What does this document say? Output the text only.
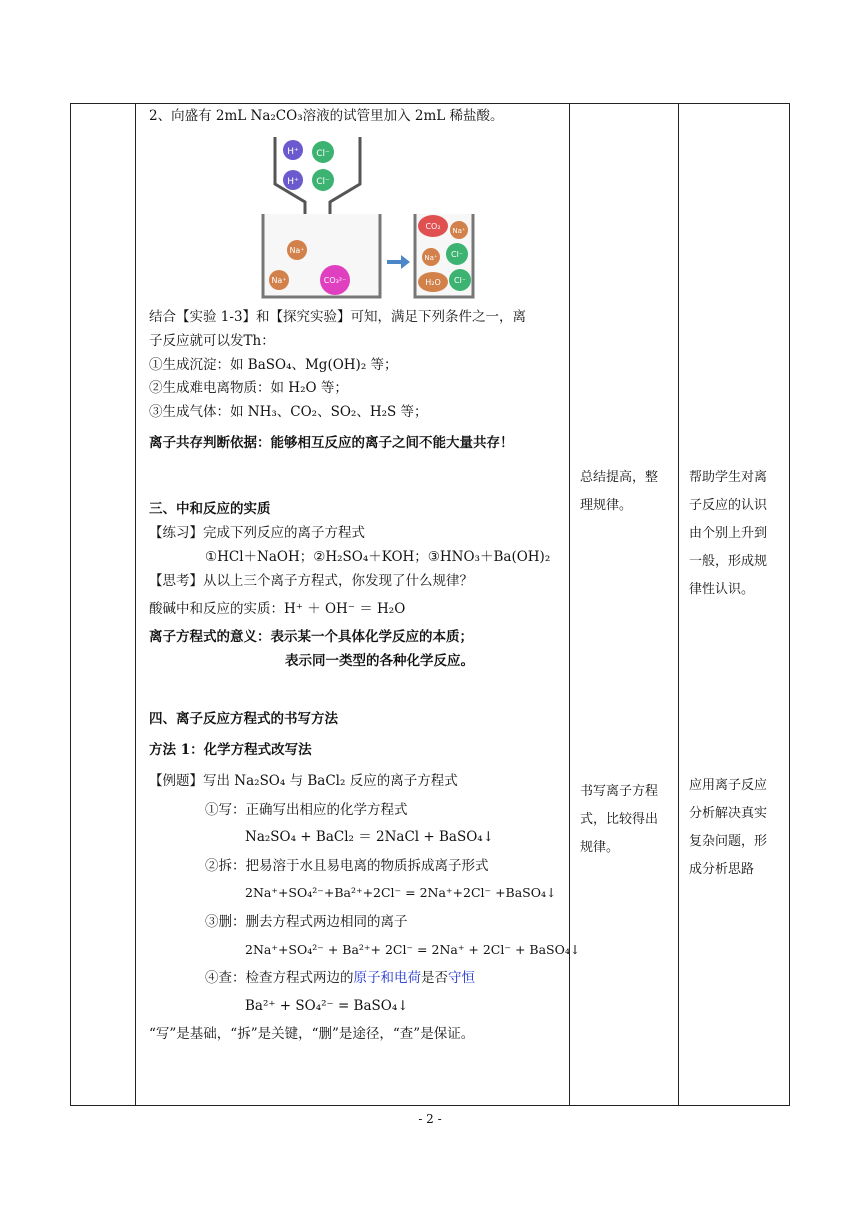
2、向盛有 2mL Na₂CO₃溶液的试管里加入 2mL 稀盐酸。
H⁺ Cl⁻
H⁺ Cl⁻
Na⁺
Na⁺	CO₃²⁻
CO₂ Na⁺
Na⁺ Cl⁻
H₂O Cl⁻
结合【实验 1-3】和【探究实验】可知，满足下列条件之一，离
子反应就可以发Th：
①生成沉淀：如 BaSO₄、Mg(OH)₂ 等；
②生成难电离物质：如 H₂O 等；
③生成气体：如 NH₃、CO₂、SO₂、H₂S 等；
离子共存判断依据：能够相互反应的离子之间不能大量共存！
三、中和反应的实质
【练习】完成下列反应的离子方程式
①HCl＋NaOH；②H₂SO₄＋KOH；③HNO₃＋Ba(OH)₂
【思考】从以上三个离子方程式，你发现了什么规律？
酸碱中和反应的实质：H⁺ ＋ OH⁻ ＝ H₂O
离子方程式的意义：表示某一个具体化学反应的本质；
表示同一类型的各种化学反应。
四、离子反应方程式的书写方法
方法 1：化学方程式改写法
【例题】写出 Na₂SO₄ 与 BaCl₂ 反应的离子方程式
①写：正确写出相应的化学方程式
Na₂SO₄ + BaCl₂ ＝ 2NaCl + BaSO₄↓
②拆：把易溶于水且易电离的物质拆成离子形式
2Na⁺+SO₄²⁻+Ba²⁺+2Cl⁻ = 2Na⁺+2Cl⁻ +BaSO₄↓
③删：删去方程式两边相同的离子
2Na⁺+SO₄²⁻ + Ba²⁺+ 2Cl⁻ = 2Na⁺ + 2Cl⁻ + BaSO₄↓
④查：检查方程式两边的原子和电荷是否守恒
Ba²⁺ + SO₄²⁻ = BaSO₄↓
“写”是基础，“拆”是关键，“删”是途径，“查”是保证。
总结提高，整
理规律。
帮助学生对离
子反应的认识
由个别上升到
一般，形成规
律性认识。
书写离子方程
式，比较得出
规律。
应用离子反应
分析解决真实
复杂问题，形
成分析思路
- 2 -
